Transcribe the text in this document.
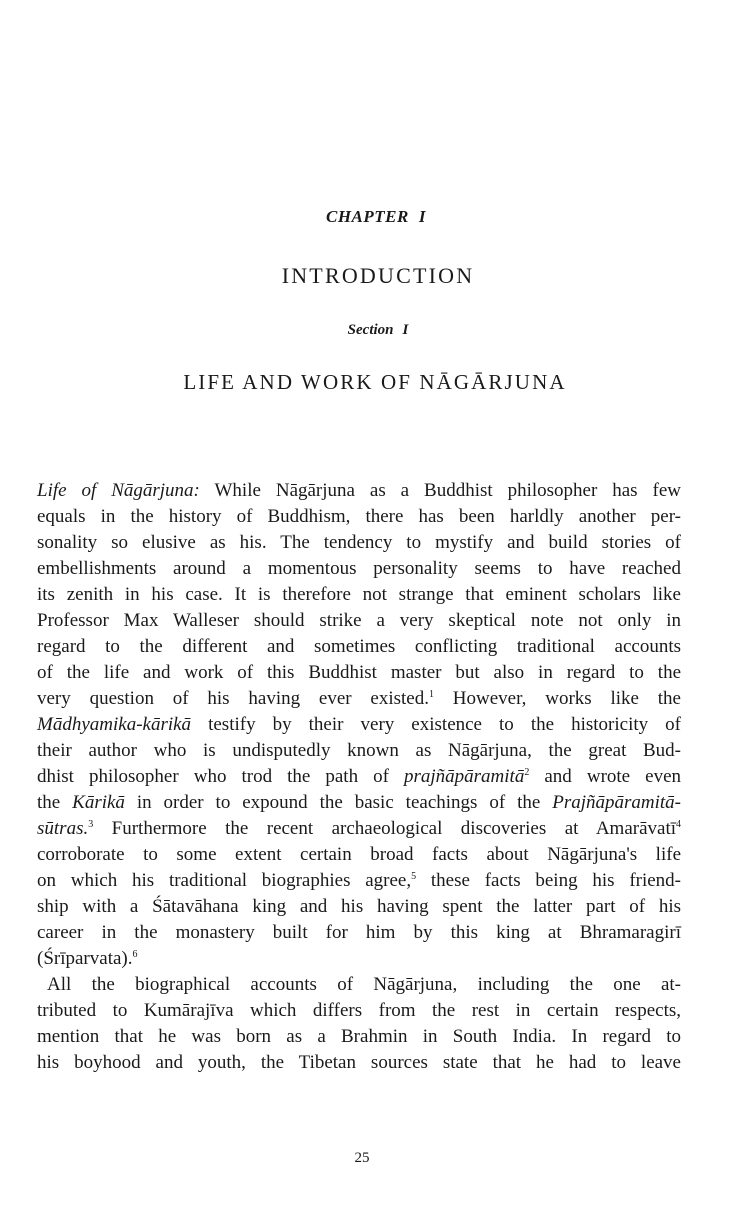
CHAPTER I
INTRODUCTION
Section I
LIFE AND WORK OF NĀGĀRJUNA

Life of Nāgārjuna: While Nāgārjuna as a Buddhist philosopher has few

equals in the history of Buddhism, there has been harldly another per-

sonality so elusive as his. The tendency to mystify and build stories of

embellishments around a momentous personality seems to have reached

its zenith in his case. It is therefore not strange that eminent scholars like

Professor Max Walleser should strike a very skeptical note not only in

regard to the different and sometimes conflicting traditional accounts

of the life and work of this Buddhist master but also in regard to the

very question of his having ever existed.$^1$ However, works like the

Mādhyamika-kārikā testify by their very existence to the historicity of

their author who is undisputedly known as Nāgārjuna, the great Bud-

dhist philosopher who trod the path of prajñāpāramitā$^2$ and wrote even

the Kārikā in order to expound the basic teachings of the Prajñāpāramitā-

sūtras.$^3$ Furthermore the recent archaeological discoveries at Amarāvatī$^4$

corroborate to some extent certain broad facts about Nāgārjuna's life

on which his traditional biographies agree,$^5$ these facts being his friend-

ship with a Śātavāhana king and his having spent the latter part of his

career in the monastery built for him by this king at Bhramaragirī

(Śrīparvata).$^6$

All the biographical accounts of Nāgārjuna, including the one at-

tributed to Kumārajīva which differs from the rest in certain respects,

mention that he was born as a Brahmin in South India. In regard to

his boyhood and youth, the Tibetan sources state that he had to leave

25
